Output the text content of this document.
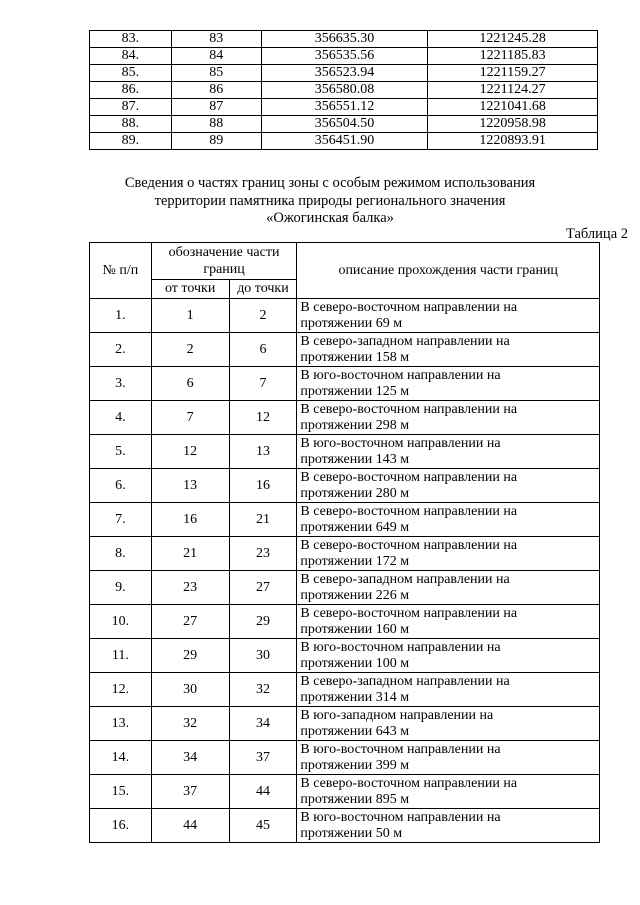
83.	83	356635.30	1221245.28
84.	84	356535.56	1221185.83
85.	85	356523.94	1221159.27
86.	86	356580.08	1221124.27
87.	87	356551.12	1221041.68
88.	88	356504.50	1220958.98
89.	89	356451.90	1220893.91
Сведения о частях границ зоны с особым режимом использования
территории памятника природы регионального значения
«Ожогинская балка»
Таблица 2
№ п/п	обозначение части
границ		описание прохождения части границ
	от точки	до точки	
1.	1	2	В северо-восточном направлении на
протяжении 69 м

2.	2	6	В северо-западном направлении на
протяжении 158 м

3.	6	7	В юго-восточном направлении на
протяжении 125 м

4.	7	12	В северо-восточном направлении на
протяжении 298 м

5.	12	13	В юго-восточном направлении на
протяжении 143 м

6.	13	16	В северо-восточном направлении на
протяжении 280 м

7.	16	21	В северо-восточном направлении на
протяжении 649 м

8.	21	23	В северо-восточном направлении на
протяжении 172 м

9.	23	27	В северо-западном направлении на
протяжении 226 м

10.	27	29	В северо-восточном направлении на
протяжении 160 м

11.	29	30	В юго-восточном направлении на
протяжении 100 м

12.	30	32	В северо-западном направлении на
протяжении 314 м

13.	32	34	В юго-западном направлении на
протяжении 643 м

14.	34	37	В юго-восточном направлении на
протяжении 399 м

15.	37	44	В северо-восточном направлении на
протяжении 895 м

16.	44	45	В юго-восточном направлении на
протяжении 50 м
